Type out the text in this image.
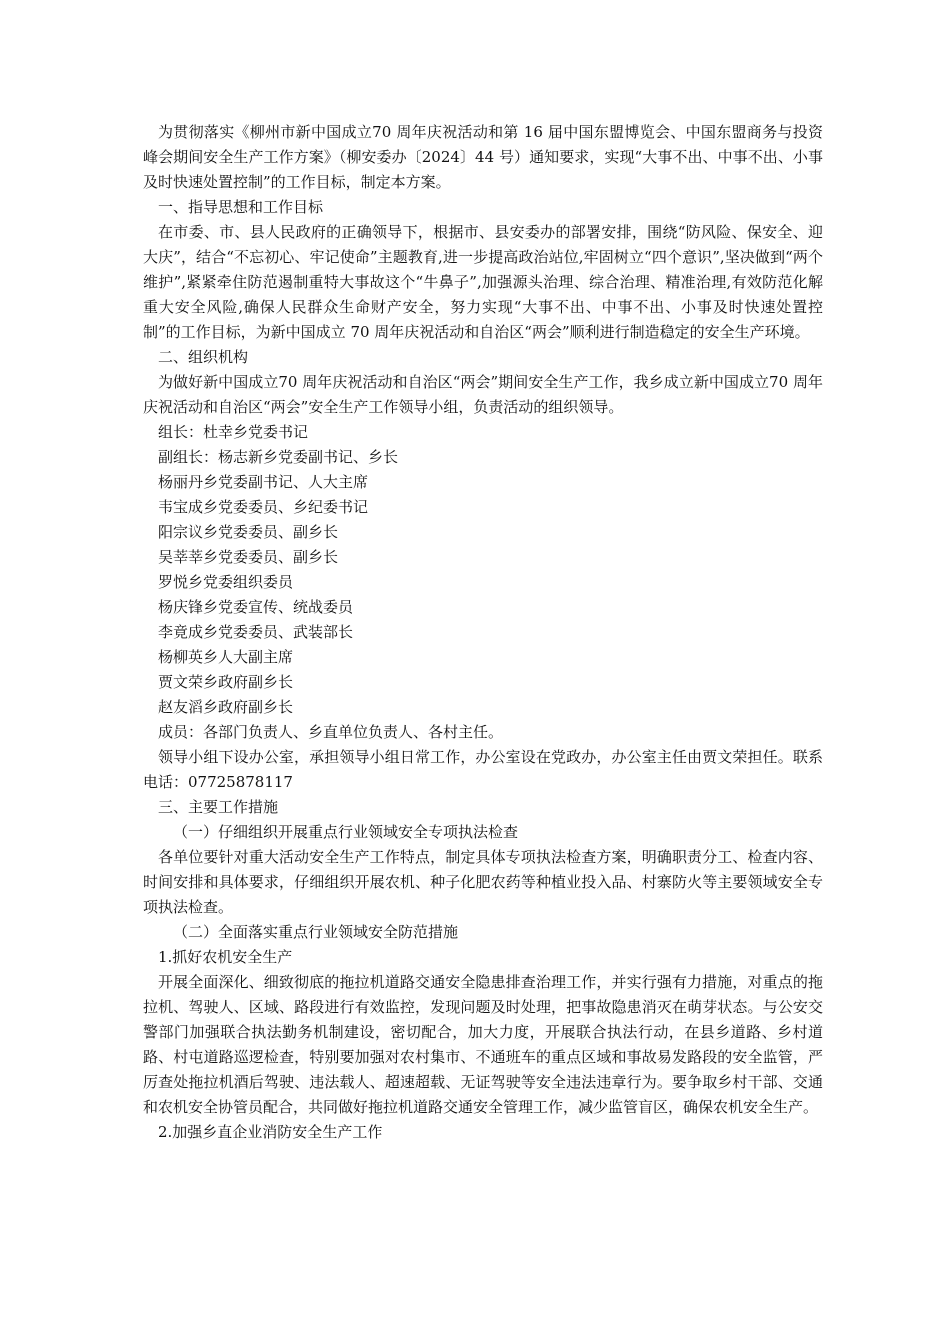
为贯彻落实《柳州市新中国成立70 周年庆祝活动和第 16 届中国东盟博览会、中国东盟商务与投资峰会期间安全生产工作方案》（柳安委办〔2024〕44 号）通知要求，实现“大事不出、中事不出、小事及时快速处置控制”的工作目标，制定本方案。

一、指导思想和工作目标

在市委、市、县人民政府的正确领导下，根据市、县安委办的部署安排，围绕“防风险、保安全、迎大庆”，结合“不忘初心、牢记使命”主题教育,进一步提高政治站位,牢固树立“四个意识”,坚决做到“两个维护”,紧紧牵住防范遏制重特大事故这个“牛鼻子”,加强源头治理、综合治理、精准治理,有效防范化解重大安全风险,确保人民群众生命财产安全，努力实现“大事不出、中事不出、小事及时快速处置控制”的工作目标，为新中国成立 70 周年庆祝活动和自治区“两会”顺利进行制造稳定的安全生产环境。

二、组织机构

为做好新中国成立70 周年庆祝活动和自治区“两会”期间安全生产工作，我乡成立新中国成立70 周年庆祝活动和自治区“两会”安全生产工作领导小组，负责活动的组织领导。

组长：杜幸乡党委书记

副组长：杨志新乡党委副书记、乡长

杨丽丹乡党委副书记、人大主席

韦宝成乡党委委员、乡纪委书记

阳宗议乡党委委员、副乡长

吴莘莘乡党委委员、副乡长

罗悦乡党委组织委员

杨庆锋乡党委宣传、统战委员

李竟成乡党委委员、武装部长

杨柳英乡人大副主席

贾文荣乡政府副乡长

赵友滔乡政府副乡长

成员：各部门负责人、乡直单位负责人、各村主任。

领导小组下设办公室，承担领导小组日常工作，办公室设在党政办，办公室主任由贾文荣担任。联系电话：07725878117

三、主要工作措施

（一）仔细组织开展重点行业领域安全专项执法检查

各单位要针对重大活动安全生产工作特点，制定具体专项执法检查方案，明确职责分工、检查内容、时间安排和具体要求，仔细组织开展农机、种子化肥农药等种植业投入品、村寨防火等主要领域安全专项执法检查。

（二）全面落实重点行业领域安全防范措施

1.抓好农机安全生产

开展全面深化、细致彻底的拖拉机道路交通安全隐患排查治理工作，并实行强有力措施，对重点的拖拉机、驾驶人、区域、路段进行有效监控，发现问题及时处理，把事故隐患消灭在萌芽状态。与公安交警部门加强联合执法勤务机制建设，密切配合，加大力度，开展联合执法行动，在县乡道路、乡村道路、村屯道路巡逻检查，特别要加强对农村集市、不通班车的重点区域和事故易发路段的安全监管，严厉查处拖拉机酒后驾驶、违法载人、超速超载、无证驾驶等安全违法违章行为。要争取乡村干部、交通和农机安全协管员配合，共同做好拖拉机道路交通安全管理工作，减少监管盲区，确保农机安全生产。

2.加强乡直企业消防安全生产工作
